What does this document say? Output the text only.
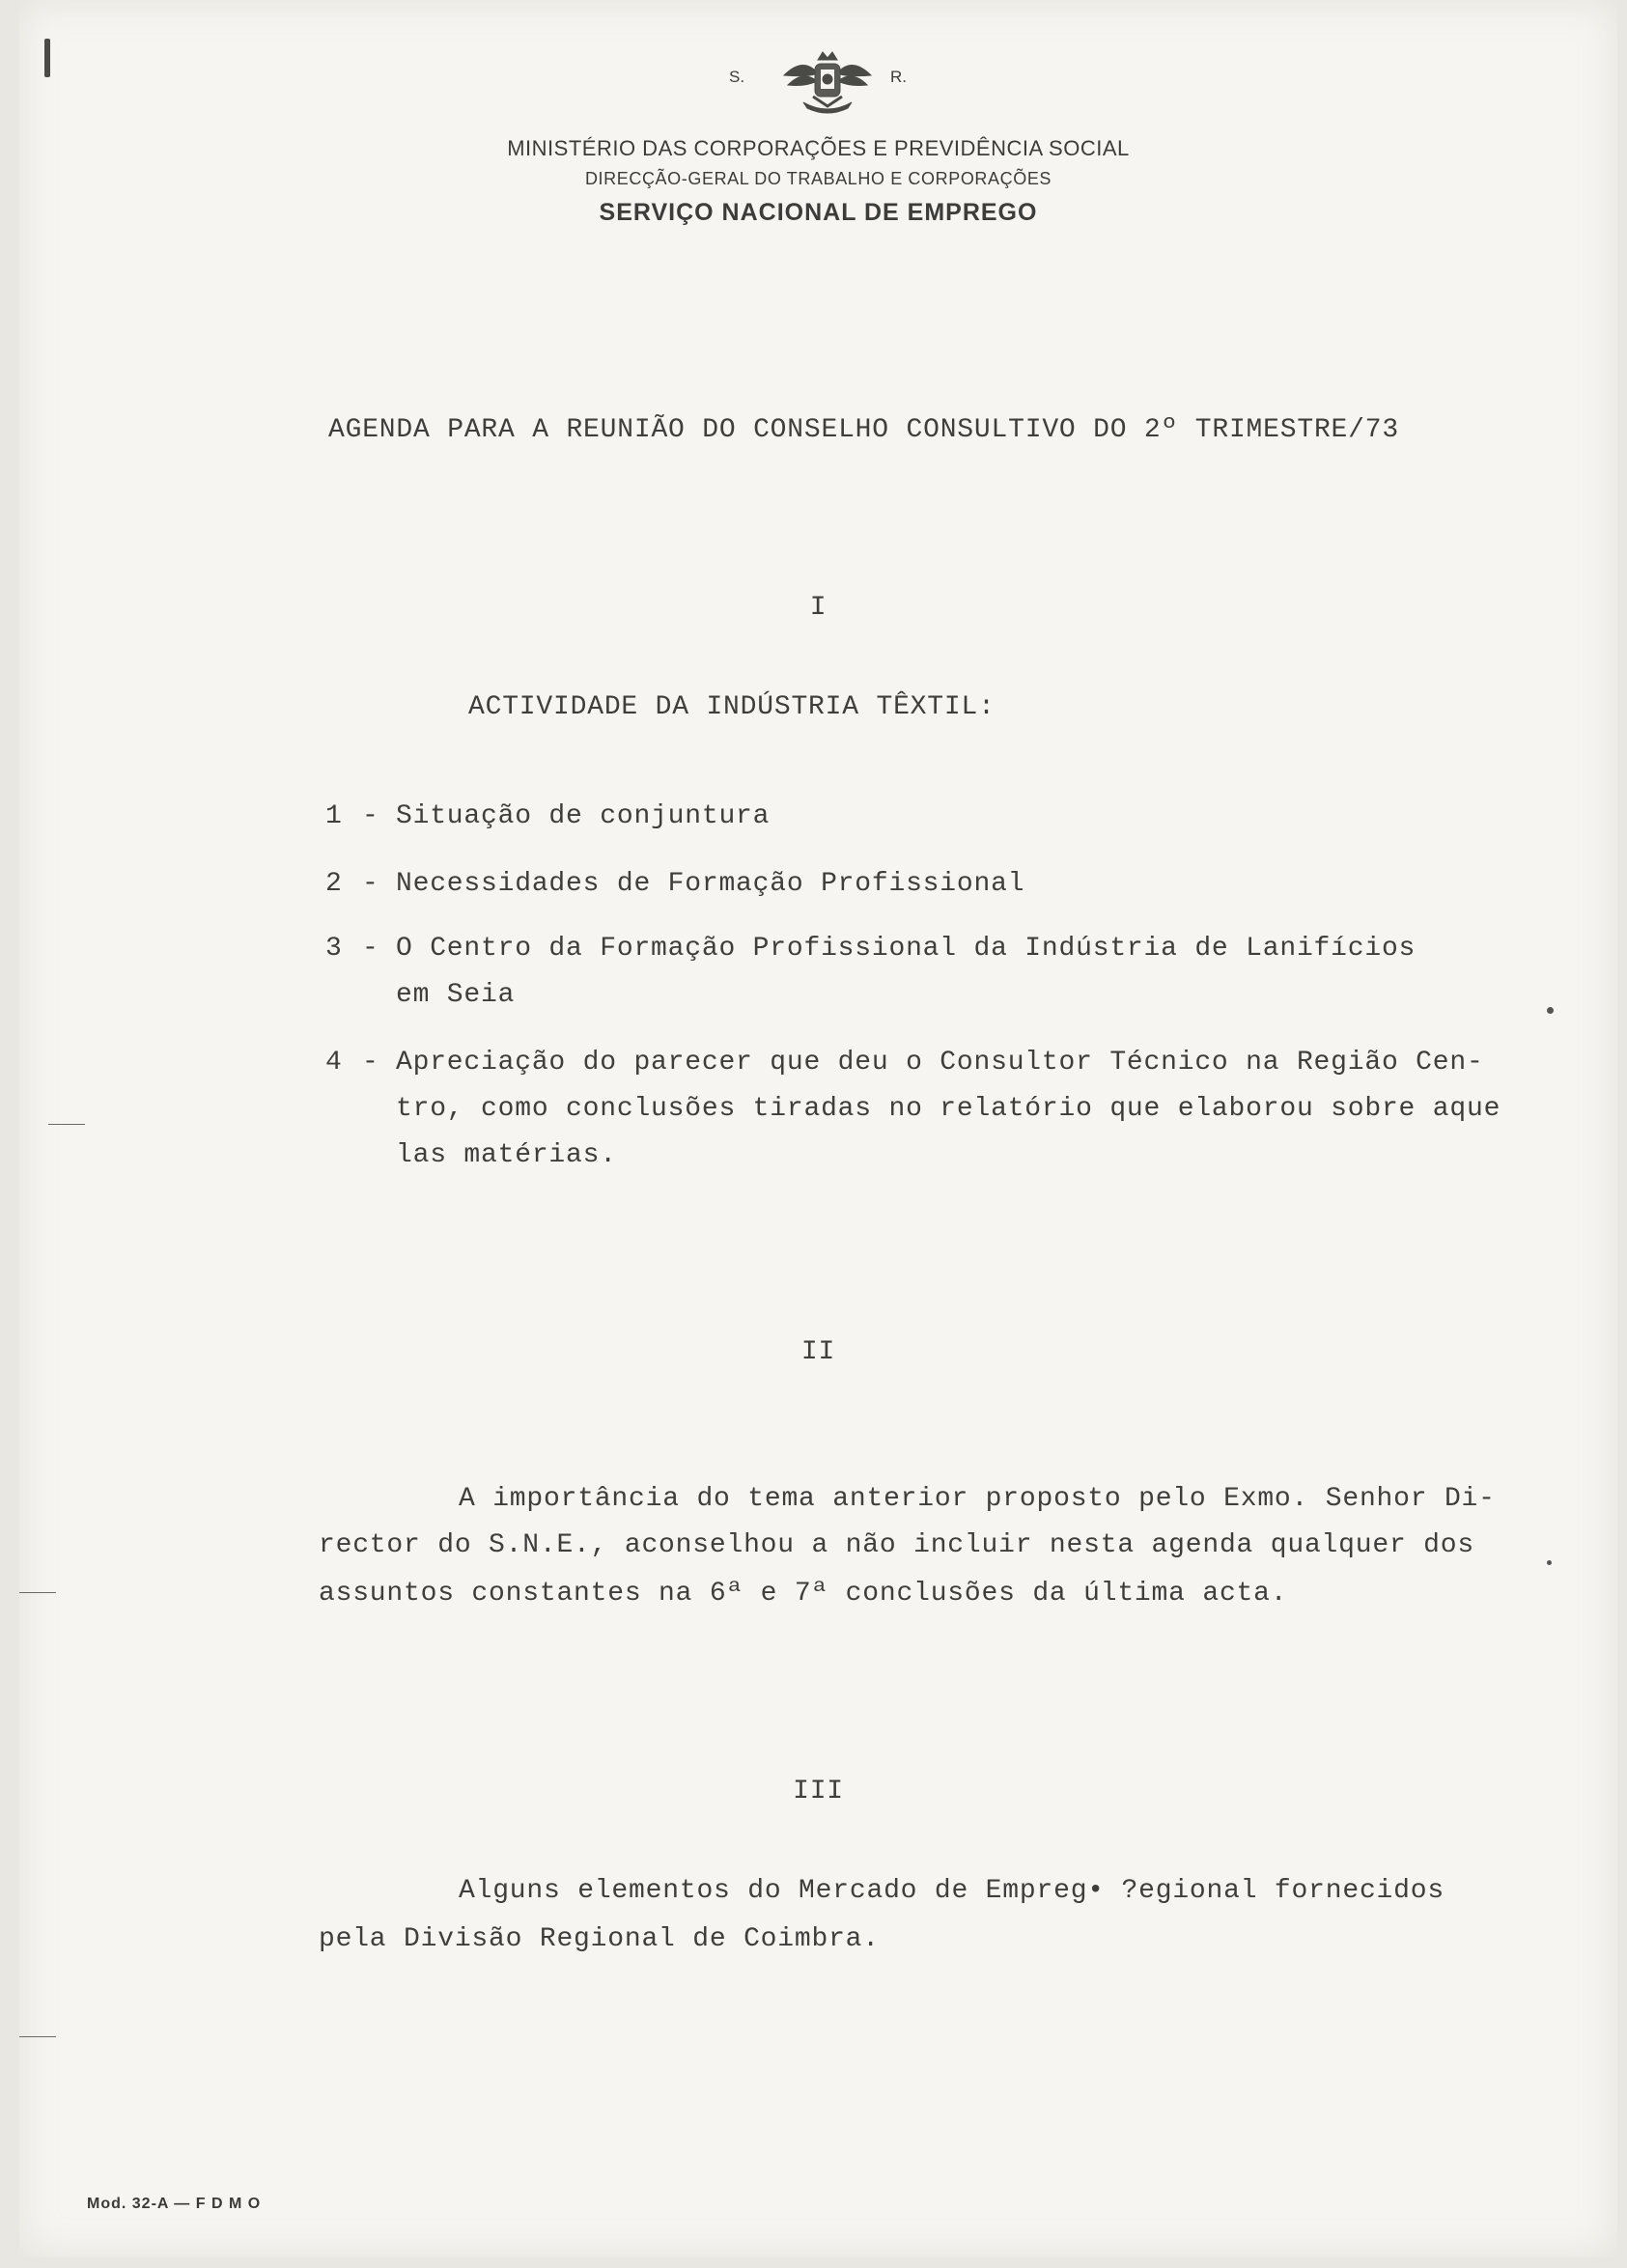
S.	R.
MINISTÉRIO DAS CORPORAÇÕES E PREVIDÊNCIA SOCIAL
DIRECÇÃO-GERAL DO TRABALHO E CORPORAÇÕES
SERVIÇO NACIONAL DE EMPREGO
AGENDA PARA A REUNIÃO DO CONSELHO CONSULTIVO DO 2º TRIMESTRE/73
I
ACTIVIDADE DA INDÚSTRIA TÊXTIL:
1 - Situação de conjuntura
2 - Necessidades de Formação Profissional
3 - O Centro da Formação Profissional da Indústria de Lanifícios
em Seia
4 - Apreciação do parecer que deu o Consultor Técnico na Região Cen-
tro, como conclusões tiradas no relatório que elaborou sobre aque
las matérias.
II
A importância do tema anterior proposto pelo Exmo. Senhor Di-
rector do S.N.E., aconselhou a não incluir nesta agenda qualquer dos
assuntos constantes na 6ª e 7ª conclusões da última acta.
III
Alguns elementos do Mercado de Empreg• ?egional fornecidos
pela Divisão Regional de Coimbra.
Mod. 32-A — F D M O
